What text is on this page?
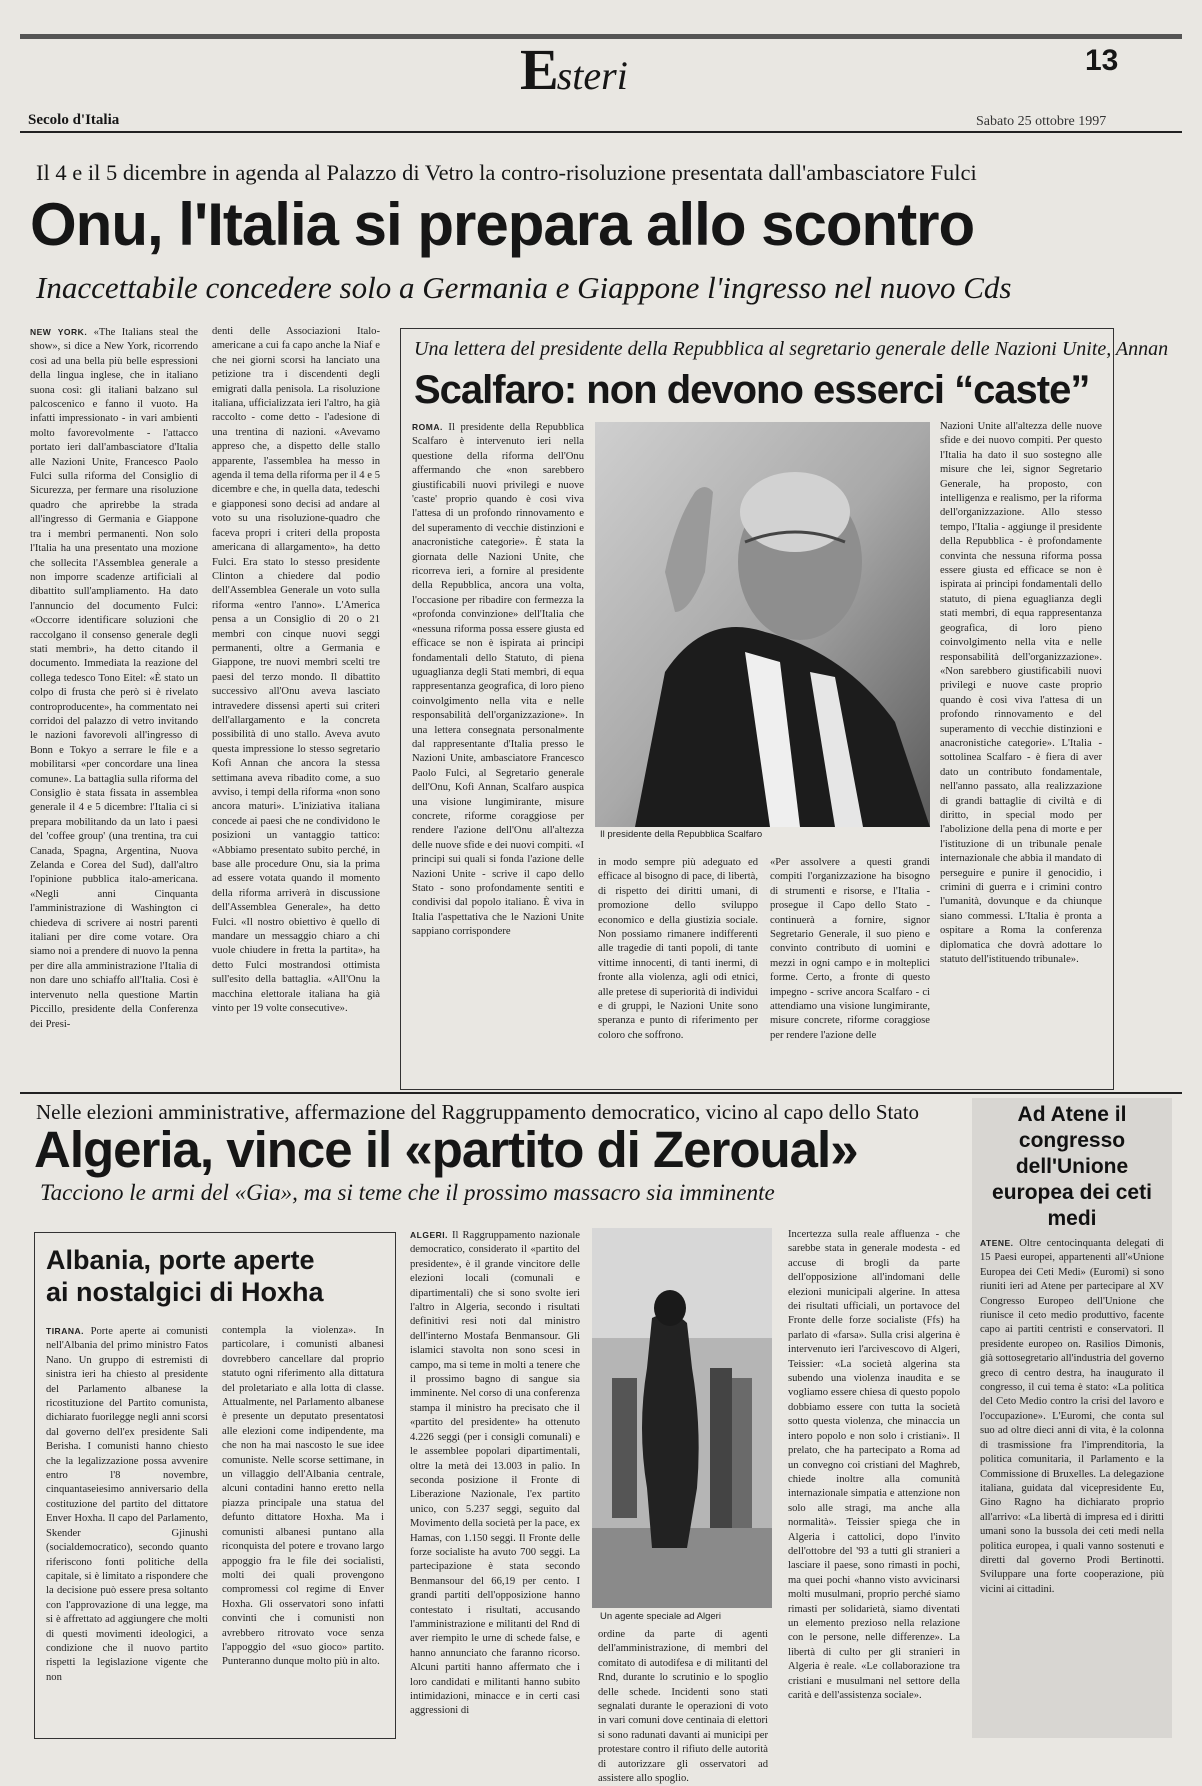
Esteri	13
Secolo d'Italia	Sabato 25 ottobre 1997
Il 4 e il 5 dicembre in agenda al Palazzo di Vetro la contro-risoluzione presentata dall'ambasciatore Fulci
Onu, l'Italia si prepara allo scontro
Inaccettabile concedere solo a Germania e Giappone l'ingresso nel nuovo Cds

NEW YORK. «The Italians steal the show», si dice a New York, ricorrendo così ad una bella più belle espressioni della lingua inglese, che in italiano suona così: gli italiani balzano sul palcoscenico e fanno il vuoto. Ha infatti impressionato - in vari ambienti molto favorevolmente - l'attacco portato ieri dall'ambasciatore d'Italia alle Nazioni Unite, Francesco Paolo Fulci sulla riforma del Consiglio di Sicurezza, per fermare una risoluzione quadro che aprirebbe la strada all'ingresso di Germania e Giappone tra i membri permanenti. Non solo l'Italia ha una presentato una mozione che sollecita l'Assemblea generale a non imporre scadenze artificiali al dibattito sull'ampliamento. Ha dato l'annuncio del documento Fulci: «Occorre identificare soluzioni che raccolgano il consenso generale degli stati membri», ha detto citando il documento. Immediata la reazione del collega tedesco Tono Eitel: «È stato un colpo di frusta che però si è rivelato controproducente», ha commentato nei corridoi del palazzo di vetro invitando le nazioni favorevoli all'ingresso di Bonn e Tokyo a serrare le file e a mobilitarsi «per concordare una linea comune». La battaglia sulla riforma del Consiglio è stata fissata in assemblea generale il 4 e 5 dicembre: l'Italia ci si prepara mobilitando da un lato i paesi del 'coffee group' (una trentina, tra cui Canada, Spagna, Argentina, Nuova Zelanda e Corea del Sud), dall'altro l'opinione pubblica italo-americana. «Negli anni Cinquanta l'amministrazione di Washington ci chiedeva di scrivere ai nostri parenti italiani per dire come votare. Ora siamo noi a prendere di nuovo la penna per dire alla amministrazione l'Italia di non dare uno schiaffo all'Italia. Così è intervenuto nella questione Martin Piccillo, presidente della Conferenza dei Presi-

denti delle Associazioni Italo-americane a cui fa capo anche la Niaf e che nei giorni scorsi ha lanciato una petizione tra i discendenti degli emigrati dalla penisola. La risoluzione italiana, ufficializzata ieri l'altro, ha già raccolto - come detto - l'adesione di una trentina di nazioni. «Avevamo appreso che, a dispetto delle stallo apparente, l'assemblea ha messo in agenda il tema della riforma per il 4 e 5 dicembre e che, in quella data, tedeschi e giapponesi sono decisi ad andare al voto su una risoluzione-quadro che faceva propri i criteri della proposta americana di allargamento», ha detto Fulci. Era stato lo stesso presidente Clinton a chiedere dal podio dell'Assemblea Generale un voto sulla riforma «entro l'anno». L'America pensa a un Consiglio di 20 o 21 membri con cinque nuovi seggi permanenti, oltre a Germania e Giappone, tre nuovi membri scelti tre paesi del terzo mondo. Il dibattito successivo all'Onu aveva lasciato intravedere dissensi aperti sui criteri dell'allargamento e la concreta possibilità di uno stallo. Aveva avuto questa impressione lo stesso segretario Kofi Annan che ancora la stessa settimana aveva ribadito come, a suo avviso, i tempi della riforma «non sono ancora maturi». L'iniziativa italiana concede ai paesi che ne condividono le posizioni un vantaggio tattico: «Abbiamo presentato subito perché, in base alle procedure Onu, sia la prima ad essere votata quando il momento della riforma arriverà in discussione dell'Assemblea Generale», ha detto Fulci. «Il nostro obiettivo è quello di mandare un messaggio chiaro a chi vuole chiudere in fretta la partita», ha detto Fulci mostrandosi ottimista sull'esito della battaglia. «All'Onu la macchina elettorale italiana ha già vinto per 19 volte consecutive».

Una lettera del presidente della Repubblica al segretario generale delle Nazioni Unite, Annan
Scalfaro: non devono esserci “caste”

ROMA. Il presidente della Repubblica Scalfaro è intervenuto ieri nella questione della riforma dell'Onu affermando che «non sarebbero giustificabili nuovi privilegi e nuove 'caste' proprio quando è così viva l'attesa di un profondo rinnovamento e del superamento di vecchie distinzioni e anacronistiche categorie». È stata la giornata delle Nazioni Unite, che ricorreva ieri, a fornire al presidente della Repubblica, ancora una volta, l'occasione per ribadire con fermezza la «profonda convinzione» dell'Italia che «nessuna riforma possa essere giusta ed efficace se non è ispirata ai principi fondamentali dello Statuto, di piena uguaglianza degli Stati membri, di equa rappresentanza geografica, di loro pieno coinvolgimento nella vita e nelle responsabilità dell'organizzazione». In una lettera consegnata personalmente dal rappresentante d'Italia presso le Nazioni Unite, ambasciatore Francesco Paolo Fulci, al Segretario generale dell'Onu, Kofi Annan, Scalfaro auspica una visione lungimirante, misure concrete, riforme coraggiose per rendere l'azione dell'Onu all'altezza delle nuove sfide e dei nuovi compiti. «I principi sui quali si fonda l'azione delle Nazioni Unite - scrive il capo dello Stato - sono profondamente sentiti e condivisi dal popolo italiano. È viva in Italia l'aspettativa che le Nazioni Unite sappiano corrispondere

Il presidente della Repubblica Scalfaro

Nazioni Unite all'altezza delle nuove sfide e dei nuovo compiti. Per questo l'Italia ha dato il suo sostegno alle misure che lei, signor Segretario Generale, ha proposto, con intelligenza e realismo, per la riforma dell'organizzazione. Allo stesso tempo, l'Italia - aggiunge il presidente della Repubblica - è profondamente convinta che nessuna riforma possa essere giusta ed efficace se non è ispirata ai principi fondamentali dello statuto, di piena eguaglianza degli stati membri, di equa rappresentanza geografica, di loro pieno coinvolgimento nella vita e nelle responsabilità dell'organizzazione». «Non sarebbero giustificabili nuovi privilegi e nuove caste proprio quando è così viva l'attesa di un profondo rinnovamento e del superamento di vecchie distinzioni e anacronistiche categorie». L'Italia - sottolinea Scalfaro - è fiera di aver dato un contributo fondamentale, nell'anno passato, alla realizzazione di grandi battaglie di civiltà e di diritto, in special modo per l'abolizione della pena di morte e per l'istituzione di un tribunale penale internazionale che abbia il mandato di perseguire e punire il genocidio, i crimini di guerra e i crimini contro l'umanità, dovunque e da chiunque siano commessi. L'Italia è pronta a ospitare a Roma la conferenza diplomatica che dovrà adottare lo statuto dell'istituendo tribunale».

in modo sempre più adeguato ed efficace al bisogno di pace, di libertà, di rispetto dei diritti umani, di promozione dello sviluppo economico e della giustizia sociale. Non possiamo rimanere indifferenti alle tragedie di tanti popoli, di tante vittime innocenti, di tanti inermi, di fronte alla violenza, agli odi etnici, alle pretese di superiorità di individui e di gruppi, le Nazioni Unite sono speranza e punto di riferimento per coloro che soffrono.

«Per assolvere a questi grandi compiti l'organizzazione ha bisogno di strumenti e risorse, e l'Italia - prosegue il Capo dello Stato - continuerà a fornire, signor Segretario Generale, il suo pieno e convinto contributo di uomini e mezzi in ogni campo e in molteplici forme. Certo, a fronte di questo impegno - scrive ancora Scalfaro - ci attendiamo una visione lungimirante, misure concrete, riforme coraggiose per rendere l'azione delle

Nelle elezioni amministrative, affermazione del Raggruppamento democratico, vicino al capo dello Stato
Algeria, vince il «partito di Zeroual»
Tacciono le armi del «Gia», ma si teme che il prossimo massacro sia imminente

ALGERI. Il Raggruppamento nazionale democratico, considerato il «partito del presidente», è il grande vincitore delle elezioni locali (comunali e dipartimentali) che si sono svolte ieri l'altro in Algeria, secondo i risultati definitivi resi noti dal ministro dell'interno Mostafa Benmansour. Gli islamici stavolta non sono scesi in campo, ma si teme in molti a tenere che il prossimo bagno di sangue sia imminente. Nel corso di una conferenza stampa il ministro ha precisato che il «partito del presidente» ha ottenuto 4.226 seggi (per i consigli comunali) e le assemblee popolari dipartimentali, oltre la metà dei 13.003 in palio. In seconda posizione il Fronte di Liberazione Nazionale, l'ex partito unico, con 5.237 seggi, seguito dal Movimento della società per la pace, ex Hamas, con 1.150 seggi. Il Fronte delle forze socialiste ha avuto 700 seggi. La partecipazione è stata secondo Benmansour del 66,19 per cento. I grandi partiti dell'opposizione hanno contestato i risultati, accusando l'amministrazione e militanti del Rnd di aver riempito le urne di schede false, e hanno annunciato che faranno ricorso. Alcuni partiti hanno affermato che i loro candidati e militanti hanno subito intimidazioni, minacce e in certi casi aggressioni di

Un agente speciale ad Algeri

ordine da parte di agenti dell'amministrazione, di membri del comitato di autodifesa e di militanti del Rnd, durante lo scrutinio e lo spoglio delle schede. Incidenti sono stati segnalati durante le operazioni di voto in vari comuni dove centinaia di elettori si sono radunati davanti ai municipi per protestare contro il rifiuto delle autorità di autorizzare gli osservatori ad assistere allo spoglio.

Incertezza sulla reale affluenza - che sarebbe stata in generale modesta - ed accuse di brogli da parte dell'opposizione all'indomani delle elezioni municipali algerine. In attesa dei risultati ufficiali, un portavoce del Fronte delle forze socialiste (Ffs) ha parlato di «farsa». Sulla crisi algerina è intervenuto ieri l'arcivescovo di Algeri, Teissier: «La società algerina sta subendo una violenza inaudita e se vogliamo essere chiesa di questo popolo dobbiamo essere con tutta la società sotto questa violenza, che minaccia un intero popolo e non solo i cristiani». Il prelato, che ha partecipato a Roma ad un convegno coi cristiani del Maghreb, chiede inoltre alla comunità internazionale simpatia e attenzione non solo alle stragi, ma anche alla normalità». Teissier spiega che in Algeria i cattolici, dopo l'invito dell'ottobre del '93 a tutti gli stranieri a lasciare il paese, sono rimasti in pochi, ma quei pochi «hanno visto avvicinarsi molti musulmani, proprio perché siamo rimasti per solidarietà, siamo diventati un elemento prezioso nella relazione con le persone, nelle differenze». La libertà di culto per gli stranieri in Algeria è reale. «Le collaborazione tra cristiani e musulmani nel settore della carità e dell'assistenza sociale».

Albania, porte aperte
ai nostalgici di Hoxha

TIRANA. Porte aperte ai comunisti nell'Albania del primo ministro Fatos Nano. Un gruppo di estremisti di sinistra ieri ha chiesto al presidente del Parlamento albanese la ricostituzione del Partito comunista, dichiarato fuorilegge negli anni scorsi dal governo dell'ex presidente Sali Berisha. I comunisti hanno chiesto che la legalizzazione possa avvenire entro l'8 novembre, cinquantaseiesimo anniversario della costituzione del partito del dittatore Enver Hoxha. Il capo del Parlamento, Skender Gjinushi (socialdemocratico), secondo quanto riferiscono fonti politiche della capitale, si è limitato a rispondere che la decisione può essere presa soltanto con l'approvazione di una legge, ma si è affrettato ad aggiungere che molti di questi movimenti ideologici, a condizione che il nuovo partito rispetti la legislazione vigente che non

contempla la violenza». In particolare, i comunisti albanesi dovrebbero cancellare dal proprio statuto ogni riferimento alla dittatura del proletariato e alla lotta di classe. Attualmente, nel Parlamento albanese è presente un deputato presentatosi alle elezioni come indipendente, ma che non ha mai nascosto le sue idee comuniste. Nelle scorse settimane, in un villaggio dell'Albania centrale, alcuni contadini hanno eretto nella piazza principale una statua del defunto dittatore Hoxha. Ma i comunisti albanesi puntano alla riconquista del potere e trovano largo appoggio fra le file dei socialisti, molti dei quali provengono compromessi col regime di Enver Hoxha. Gli osservatori sono infatti convinti che i comunisti non avrebbero ritrovato voce senza l'appoggio del «suo gioco» partito. Punteranno dunque molto più in alto.

Ad Atene il congresso dell'Unione europea dei ceti medi

ATENE. Oltre centocinquanta delegati di 15 Paesi europei, appartenenti all'«Unione Europea dei Ceti Medi» (Euromi) si sono riuniti ieri ad Atene per partecipare al XV Congresso Europeo dell'Unione che riunisce il ceto medio produttivo, facente capo ai partiti centristi e conservatori. Il presidente europeo on. Rasilios Dimonis, già sottosegretario all'industria del governo greco di centro destra, ha inaugurato il congresso, il cui tema è stato: «La politica del Ceto Medio contro la crisi del lavoro e l'occupazione». L'Euromi, che conta sul suo ad oltre dieci anni di vita, è la colonna di trasmissione fra l'imprenditoria, la politica comunitaria, il Parlamento e la Commissione di Bruxelles. La delegazione italiana, guidata dal vicepresidente Eu, Gino Ragno ha dichiarato proprio all'arrivo: «La libertà di impresa ed i diritti umani sono la bussola dei ceti medi nella politica europea, i quali vanno sostenuti e diretti dal governo Prodi Bertinotti. Sviluppare una forte cooperazione, più vicini ai cittadini.
